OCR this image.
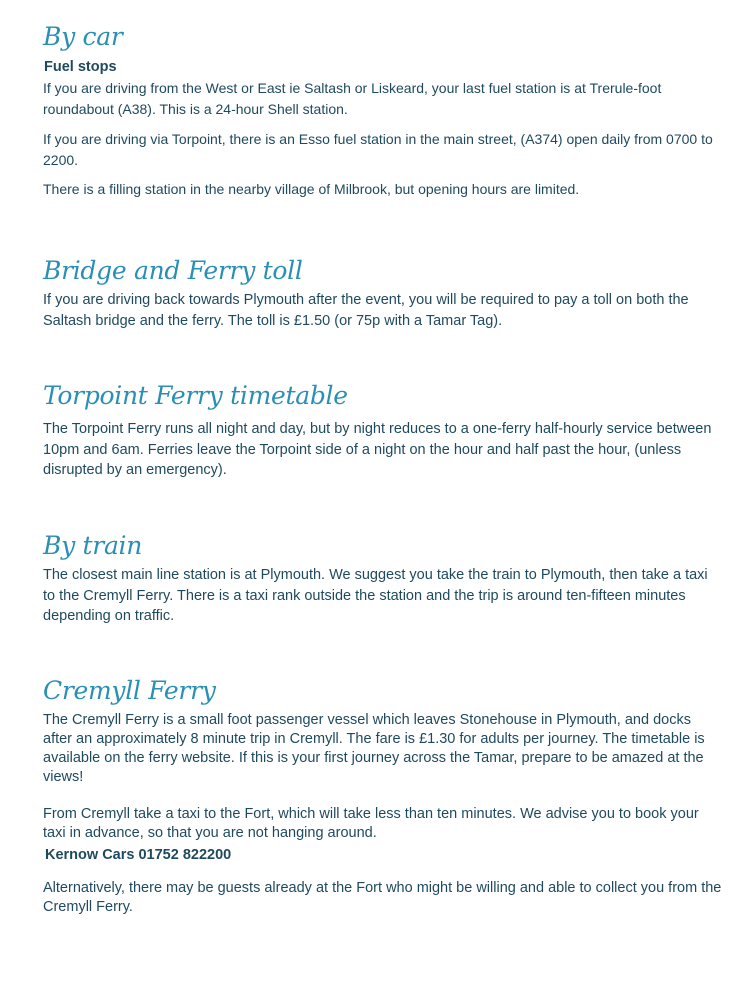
By car
Fuel stops

If you are driving from the West or East ie Saltash or Liskeard, your last fuel station is at Trerule-foot roundabout (A38). This is a 24-hour Shell station.

If you are driving via Torpoint, there is an Esso fuel station in the main street, (A374) open daily from 0700 to 2200.

There is a filling station in the nearby village of Milbrook, but opening hours are limited.

Bridge and Ferry toll

If you are driving back towards Plymouth after the event, you will be required to pay a toll on both the Saltash bridge and the ferry. The toll is £1.50 (or 75p with a Tamar Tag).

Torpoint Ferry timetable

The Torpoint Ferry runs all night and day, but by night reduces to a one-ferry half-hourly service between 10pm and 6am. Ferries leave the Torpoint side of a night on the hour and half past the hour, (unless disrupted by an emergency).

By train

The closest main line station is at Plymouth. We suggest you take the train to Plymouth, then take a taxi to the Cremyll Ferry. There is a taxi rank outside the station and the trip is around ten-fifteen minutes depending on traffic.

Cremyll Ferry

The Cremyll Ferry is a small foot passenger vessel which leaves Stonehouse in Plymouth, and docks after an approximately 8 minute trip in Cremyll. The fare is £1.30 for adults per journey. The timetable is available on the ferry website. If this is your first journey across the Tamar, prepare to be amazed at the views!

From Cremyll take a taxi to the Fort, which will take less than ten minutes. We advise you to book your taxi in advance, so that you are not hanging around.

Kernow Cars 01752 822200

Alternatively, there may be guests already at the Fort who might be willing and able to collect you from the Cremyll Ferry.
